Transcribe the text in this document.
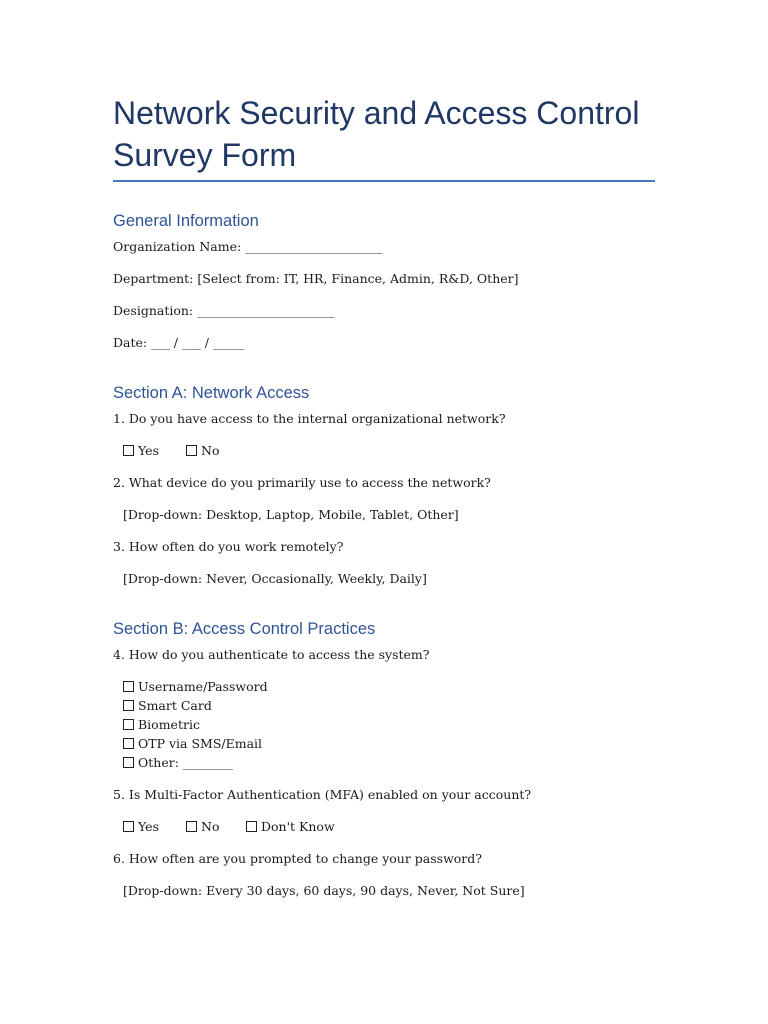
Network Security and Access Control Survey Form
General Information
Organization Name: ______________________
Department: [Select from: IT, HR, Finance, Admin, R&D, Other]
Designation: ______________________
Date: ___ / ___ / _____
Section A: Network Access
1. Do you have access to the internal organizational network?
Yes	No
2. What device do you primarily use to access the network?
[Drop-down: Desktop, Laptop, Mobile, Tablet, Other]
3. How often do you work remotely?
[Drop-down: Never, Occasionally, Weekly, Daily]
Section B: Access Control Practices
4. How do you authenticate to access the system?
Username/Password
Smart Card
Biometric
OTP via SMS/Email
Other: ________
5. Is Multi-Factor Authentication (MFA) enabled on your account?
Yes	No	Don't Know
6. How often are you prompted to change your password?
[Drop-down: Every 30 days, 60 days, 90 days, Never, Not Sure]
